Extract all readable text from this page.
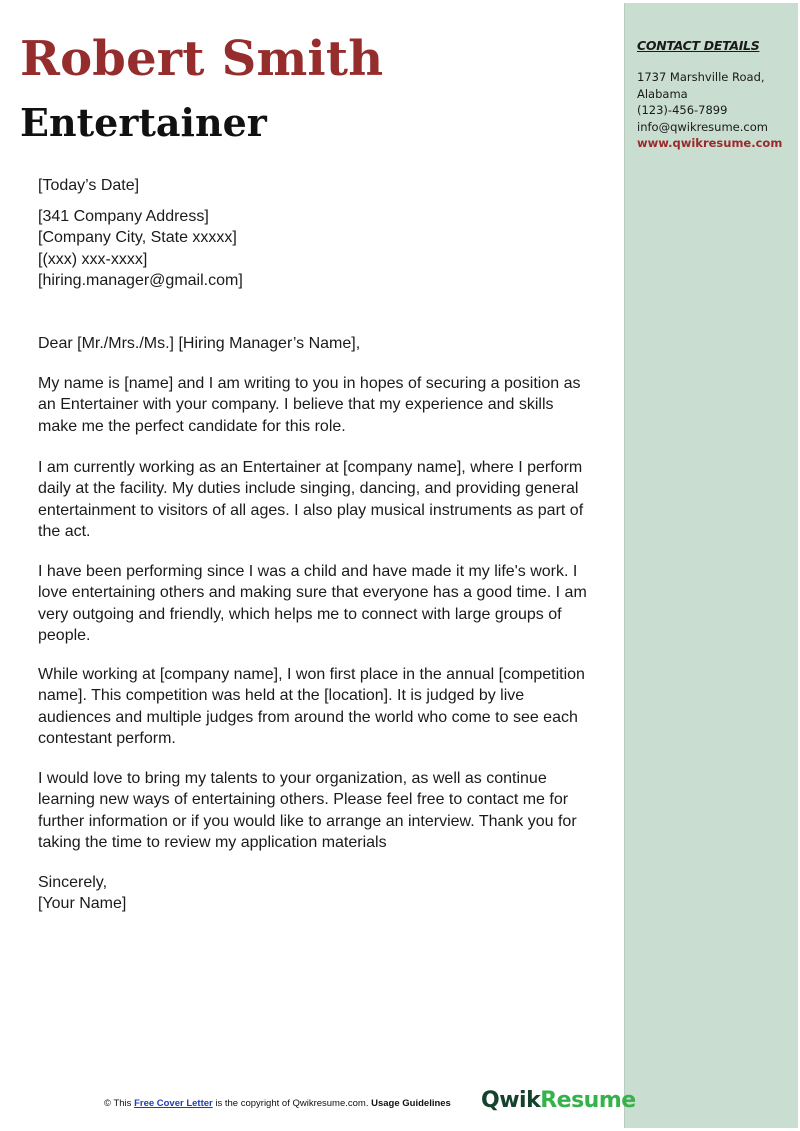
Robert Smith
Entertainer
CONTACT DETAILS
1737 Marshville Road,
Alabama
(123)-456-7899
info@qwikresume.com
www.qwikresume.com
[Today’s Date]
[341 Company Address]
[Company City, State xxxxx]
[(xxx) xxx-xxxx]
[hiring.manager@gmail.com]
Dear [Mr./Mrs./Ms.] [Hiring Manager’s Name],
My name is [name] and I am writing to you in hopes of securing a position as
an Entertainer with your company. I believe that my experience and skills
make me the perfect candidate for this role.
I am currently working as an Entertainer at [company name], where I perform
daily at the facility. My duties include singing, dancing, and providing general
entertainment to visitors of all ages. I also play musical instruments as part of
the act.
I have been performing since I was a child and have made it my life's work. I
love entertaining others and making sure that everyone has a good time. I am
very outgoing and friendly, which helps me to connect with large groups of
people.
While working at [company name], I won first place in the annual [competition
name]. This competition was held at the [location]. It is judged by live
audiences and multiple judges from around the world who come to see each
contestant perform.
I would love to bring my talents to your organization, as well as continue
learning new ways of entertaining others. Please feel free to contact me for
further information or if you would like to arrange an interview. Thank you for
taking the time to review my application materials
Sincerely,
[Your Name]
© This Free Cover Letter is the copyright of Qwikresume.com. Usage Guidelines QwikResume
